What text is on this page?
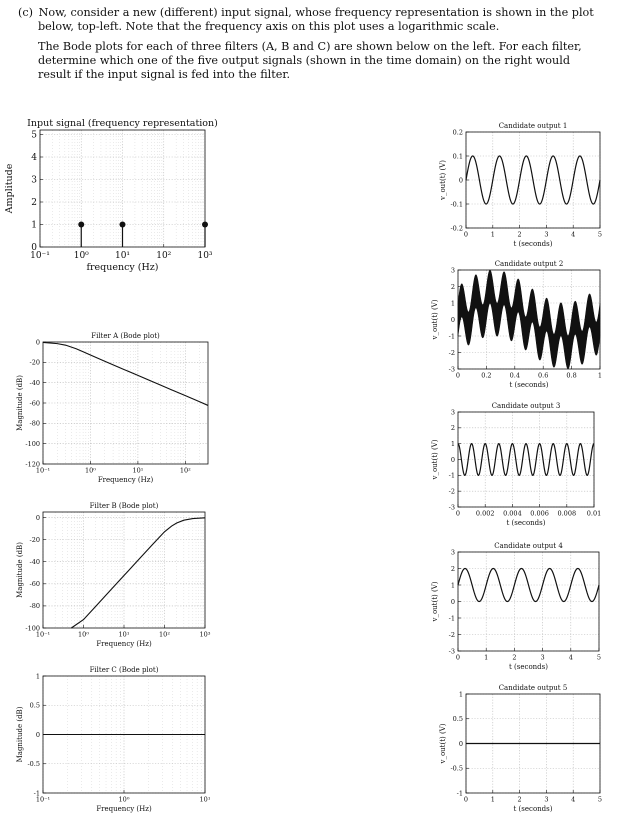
(c)  Now, consider a new (different) input signal, whose frequency representation is shown in the plot below, top-left. Note that the frequency axis on this plot uses a logarithmic scale.

The Bode plots for each of three filters (A, B and C) are shown below on the left. For each filter, determine which one of the five output signals (shown in the time domain) on the right would result if the input signal is fed into the filter.

10⁻¹	10⁰	10¹	10²	10³
0
1
2
3
4
5
Input signal (frequency representation)
frequency (Hz)
Amplitude
10⁻¹	10⁰	10¹	10²
0
-20
-40
-60
-80
-100
-120
Filter A (Bode plot)
Frequency (Hz)
Magnitude (dB)
10⁻¹	10⁰	10¹	10²	10³
0
-20
-40
-60
-80
-100
Filter B (Bode plot)
Frequency (Hz)
Magnitude (dB)
10⁻¹	10⁰	10¹
1
0.5
0
-0.5
-1
Filter C (Bode plot)
Frequency (Hz)
Magnitude (dB)
0	1	2	3	4	5
0.2
0.1
0
-0.1
-0.2
Candidate output 1
t (seconds)
v_out(t) (V)
0	0.2	0.4	0.6	0.8	1
3
2
1
0
-1
-2
-3
Candidate output 2
t (seconds)
v_out(t) (V)
0 0.002 0.004 0.006 0.008 0.01
3
2
1
0
-1
-2
-3
Candidate output 3
t (seconds)
v_out(t) (V)
0	1	2	3	4	5
3
2
1
0
-1
-2
-3
Candidate output 4
t (seconds)
v_out(t) (V)
0	1	2	3	4	5
1
0.5
0
-0.5
-1
Candidate output 5
t (seconds)
v_out(t) (V)
